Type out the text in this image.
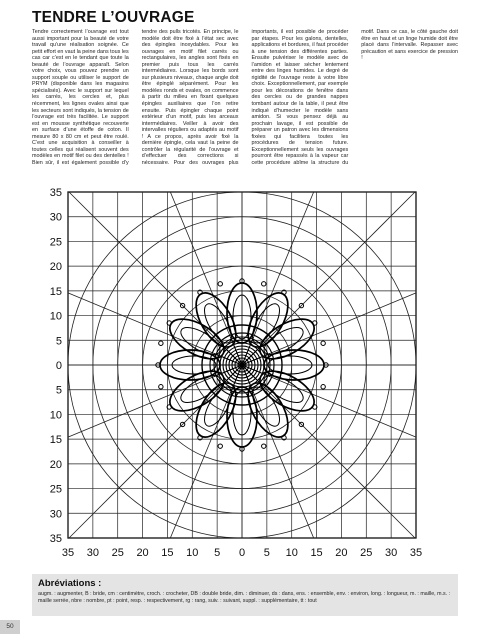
TENDRE L’OUVRAGE

Tendre correctement l’ouvrage est tout aussi important pour la beauté de votre travail qu’une réalisation soignée. Ce petit effort en vaut la peine dans tous les cas car c’est en le tendant que toute la beauté de l’ouvrage apparaît. Selon votre choix, vous pouvez prendre un support souple ou utiliser le support de PRYM (disponible dans les magasins spécialisés). Avec le support sur lequel les carrés, les cercles et, plus récemment, les lignes ovales ainsi que les secteurs sont indiqués, la tension de l’ouvrage est très facilitée. Le support est en mousse synthétique recouverte en surface d’une étoffe de coton. Il mesure 80 x 80 cm et peut être roulé. C’est une acquisition à conseiller à toutes celles qui réalisent souvent des modèles en motif filet ou des dentelles ! Bien sûr, il est également possible d’y tendre des pulls tricotés. En principe, le modèle doit être fixé à l’état sec avec des épingles inoxydables. Pour les ouvrages en motif filet carrés ou rectangulaires, les angles sont fixés en premier puis tous les carrés intermédiaires. Lorsque les bords sont sur plusieurs niveaux, chaque angle doit être épinglé séparément. Pour les modèles ronds et ovales, on commence à partir du milieu en fixant quelques épingles auxiliaires que l’on retire ensuite. Puis épingler chaque point extérieur d’un motif, puis les arceaux intermédiaires. Veiller à avoir des intervalles réguliers ou adaptés au motif ! A ce propos, après avoir fixé la dernière épingle, cela vaut la peine de contrôler la régularité de l’ouvrage et d’effectuer des corrections si nécessaire. Pour des ouvrages plus importants, il est possible de procéder par étapes. Pour les galons, dentelles, applications et bordures, il faut procéder à une tension des différentes parties. Ensuite pulvériser le modèle avec de l’amidon et laisser sécher lentement entre des linges humides. Le degré de rigidité de l’ouvrage reste à votre libre choix. Exceptionnellement, par exemple pour les décorations de fenêtre dans des cercles ou de grandes nappes tombant autour de la table, il peut être indiqué d’humecter le modèle sans amidon. Si vous pensez déjà au prochain lavage, il est possible de préparer un patron avec les dimensions fixées qui facilitera toutes les procédures de tension future. Exceptionnellement seuls les ouvrages pourront être repassés à la vapeur car cette procédure abîme la structure du motif. Dans ce cas, le côté gauche doit être en haut et un linge humide doit être placé dans l’intervalle. Repasser avec précaution et sans exercice de pression !

35
30
25
20
15
10
5
0
5
10
15
20
25
30
35
35 30 25 20 15 10 5 0 5 10 15 20 25 30 35
Abréviations :
augm. : augmenter, B : bride, cm : centimètre, croch. : crocheter, DB : double bride, dim. : diminuer, ds : dans, ens. : ensemble, env. : environ, long. : longueur, m. : maille, m.s. : maille serrée, nbre : nombre, pt : point, resp. : respectivement, rg : rang, suiv. : suivant, suppl. : supplémentaire, tt : tout
50
